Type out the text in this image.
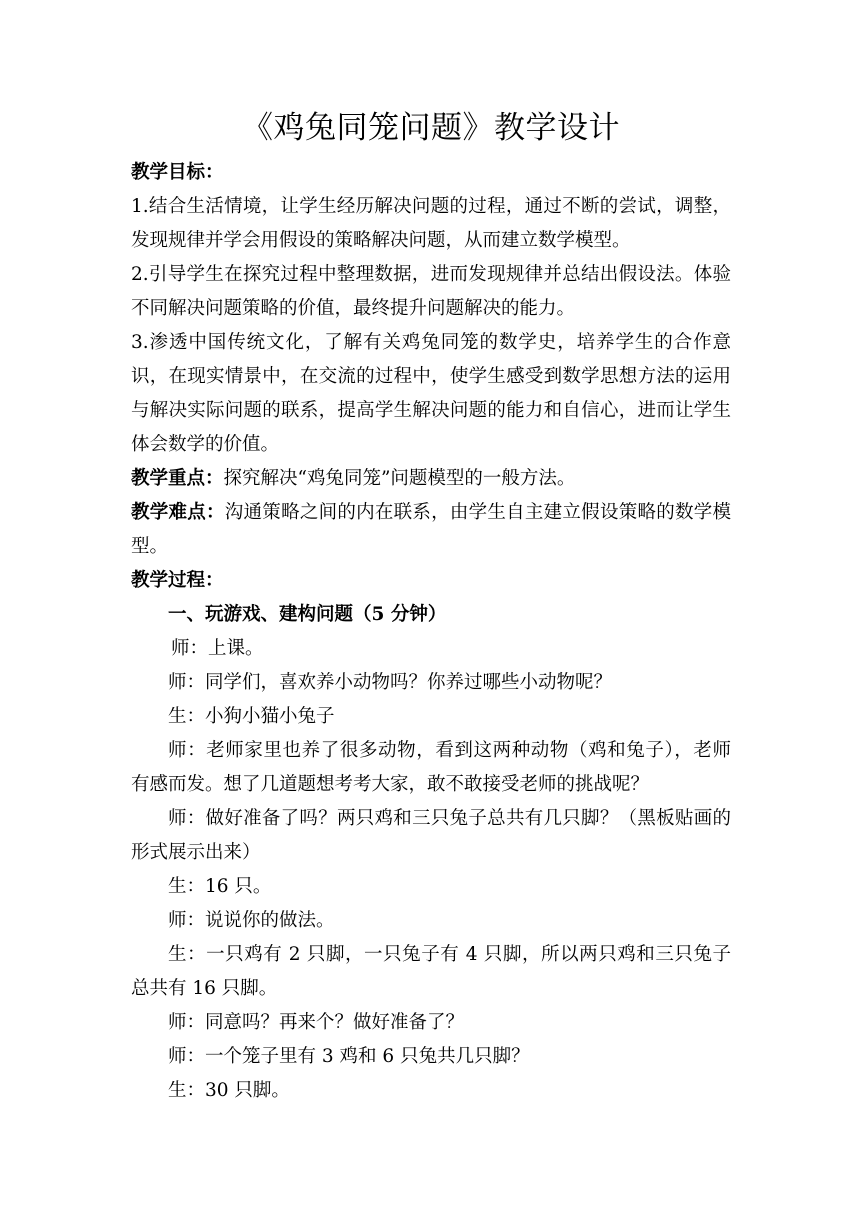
《鸡兔同笼问题》教学设计

教学目标：

1.结合生活情境，让学生经历解决问题的过程，通过不断的尝试，调整，发现规律并学会用假设的策略解决问题，从而建立数学模型。

2.引导学生在探究过程中整理数据，进而发现规律并总结出假设法。体验不同解决问题策略的价值，最终提升问题解决的能力。

3.渗透中国传统文化，了解有关鸡兔同笼的数学史，培养学生的合作意识，在现实情景中，在交流的过程中，使学生感受到数学思想方法的运用与解决实际问题的联系，提高学生解决问题的能力和自信心，进而让学生体会数学的价值。

教学重点：探究解决“鸡兔同笼”问题模型的一般方法。

教学难点：沟通策略之间的内在联系，由学生自主建立假设策略的数学模型。

教学过程：

一、玩游戏、建构问题（5 分钟）

师：上课。

师：同学们，喜欢养小动物吗？你养过哪些小动物呢？

生：小狗小猫小兔子

师：老师家里也养了很多动物，看到这两种动物（鸡和兔子），老师有感而发。想了几道题想考考大家，敢不敢接受老师的挑战呢？

师：做好准备了吗？两只鸡和三只兔子总共有几只脚？（黑板贴画的形式展示出来）

生：16 只。

师：说说你的做法。

生：一只鸡有 2 只脚，一只兔子有 4 只脚，所以两只鸡和三只兔子总共有 16 只脚。

师：同意吗？再来个？做好准备了？

师：一个笼子里有 3 鸡和 6 只兔共几只脚？

生：30 只脚。
